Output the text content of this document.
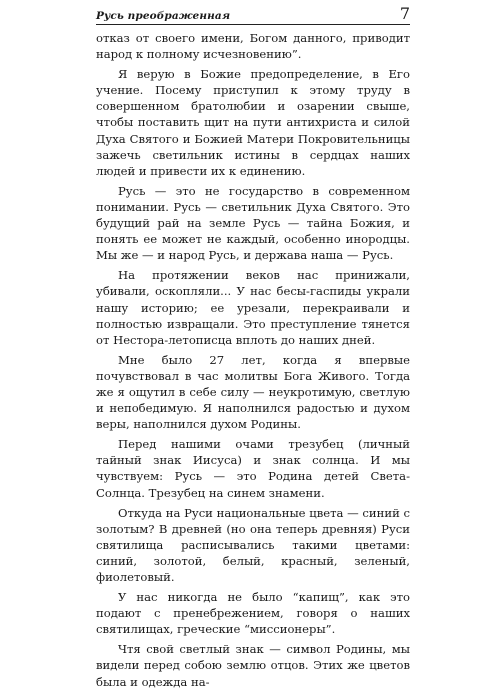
Русь преображенная	7

отказ от своего имени, Богом данного, приводит народ к полному исчезновению”.

Я верую в Божие предопределение, в Его учение. Посему приступил к этому труду в совершенном братолюбии и озарении свыше, чтобы поставить щит на пути антихриста и силой Духа Святого и Божией Матери Покровительницы зажечь светильник истины в сердцах наших людей и привести их к единению.

Русь — это не государство в современном понимании. Русь — светильник Духа Святого. Это будущий рай на земле Русь — тайна Божия, и понять ее может не каждый, особенно инородцы. Мы же — и народ Русь, и держава наша — Русь.

На протяжении веков нас принижали, убивали, оскопляли... У нас бесы-гаспиды украли нашу историю; ее урезали, перекраивали и полностью извращали. Это преступление тянется от Нестора-летописца вплоть до наших дней.

Мне было 27 лет, когда я впервые почувствовал в час молитвы Бога Живого. Тогда же я ощутил в себе силу — неукротимую, светлую и непобедимую. Я наполнился радостью и духом веры, наполнился духом Родины.

Перед нашими очами трезубец (личный тайный знак Иисуса) и знак солнца. И мы чувствуем: Русь — это Родина детей Света-Солнца. Трезубец на синем знамени.

Откуда на Руси национальные цвета — синий с золотым? В древней (но она теперь древняя) Руси святилища расписывались такими цветами: синий, золотой, белый, красный, зеленый, фиолетовый.

У нас никогда не было “капищ”, как это подают с пренебрежением, говоря о наших святилищах, греческие “миссионеры”.

Чтя свой светлый знак — символ Родины, мы видели перед собою землю отцов. Этих же цветов была и одежда на-
